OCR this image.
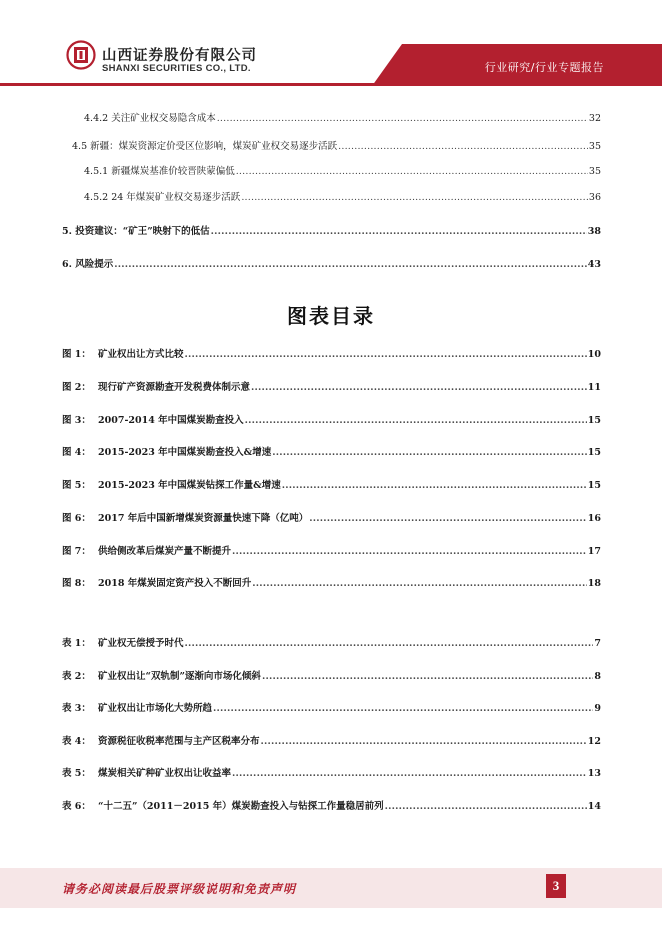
山西证券股份有限公司
SHANXI SECURITIES CO., LTD.	行业研究/行业专题报告
4.4.2 关注矿业权交易隐含成本 .....	32
4.5 新疆：煤炭资源定价受区位影响，煤炭矿业权交易逐步活跃 .....	35
4.5.1 新疆煤炭基准价较晋陕蒙偏低 .....	35
4.5.2 24 年煤炭矿业权交易逐步活跃 .....	36
5. 投资建议：“矿王”映射下的低估 .....	38
6. 风险提示 .....	43
图表目录
图 1： 矿业权出让方式比较 .....	10
图 2： 现行矿产资源勘查开发税费体制示意 .....	11
图 3： 2007-2014 年中国煤炭勘查投入 .....	15
图 4： 2015-2023 年中国煤炭勘查投入&增速 .....	15
图 5： 2015-2023 年中国煤炭钻探工作量&增速 .....	15
图 6： 2017 年后中国新增煤炭资源量快速下降（亿吨） .....	16
图 7： 供给侧改革后煤炭产量不断提升 .....	17
图 8： 2018 年煤炭固定资产投入不断回升 .....	18
表 1： 矿业权无偿授予时代 .....	7
表 2： 矿业权出让“双轨制”逐渐向市场化倾斜 .....	8
表 3： 矿业权出让市场化大势所趋 .....	9
表 4： 资源税征收税率范围与主产区税率分布 .....	12
表 5： 煤炭相关矿种矿业权出让收益率 .....	13
表 6： “十二五”（2011－2015 年）煤炭勘查投入与钻探工作量稳居前列 .....	14
请务必阅读最后股票评级说明和免责声明	3
